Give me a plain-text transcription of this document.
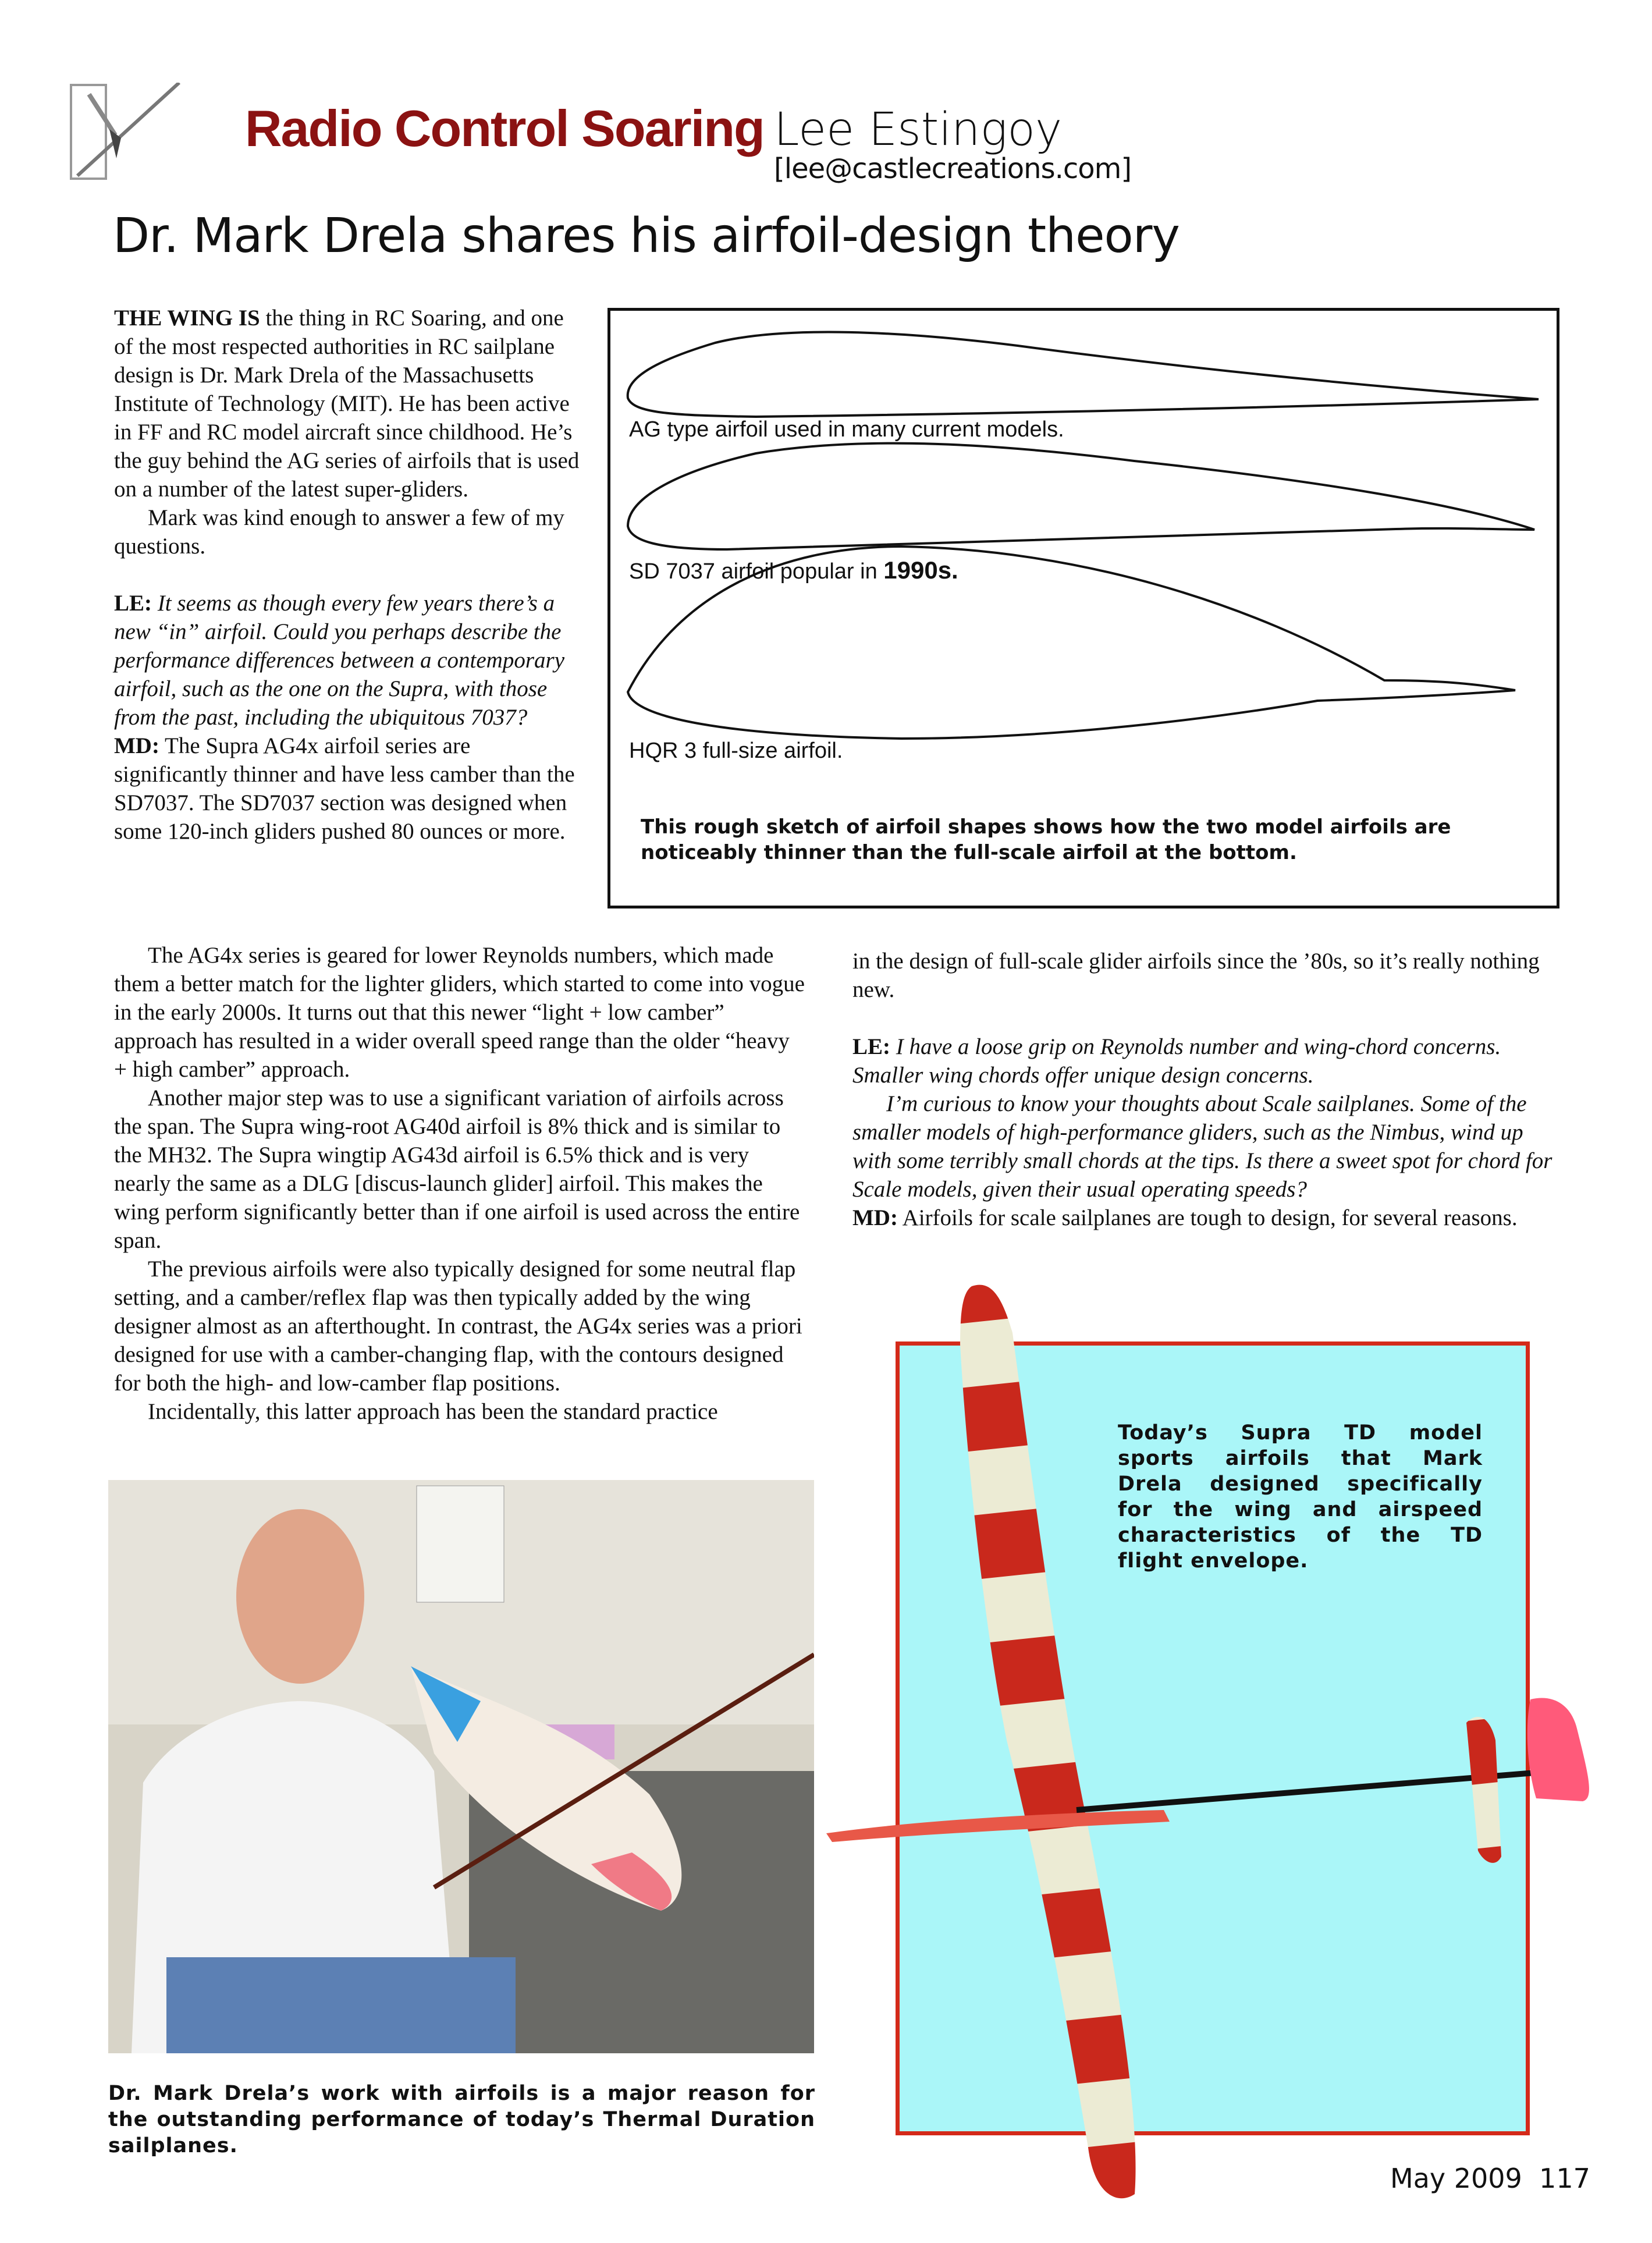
Radio Control Soaring Lee Estingoy
[lee@castlecreations.com]
Dr. Mark Drela shares his airfoil-design theory

THE WING IS the thing in RC Soaring, and one of the most respected authorities in RC sailplane design is Dr. Mark Drela of the Massachusetts Institute of Technology (MIT). He has been active in FF and RC model aircraft since childhood. He’s the guy behind the AG series of airfoils that is used on a number of the latest super-gliders.

Mark was kind enough to answer a few of my questions.

LE: It seems as though every few years there’s a new “in” airfoil. Could you perhaps describe the performance differences between a contemporary airfoil, such as the one on the Supra, with those from the past, including the ubiquitous 7037?

MD: The Supra AG4x airfoil series are significantly thinner and have less camber than the SD7037. The SD7037 section was designed when some 120-inch gliders pushed 80 ounces or more.

The AG4x series is geared for lower Reynolds numbers, which made them a better match for the lighter gliders, which started to come into vogue in the early 2000s. It turns out that this newer “light + low camber” approach has resulted in a wider overall speed range than the older “heavy + high camber” approach.

Another major step was to use a significant variation of airfoils across the span. The Supra wing-root AG40d airfoil is 8% thick and is similar to the MH32. The Supra wingtip AG43d airfoil is 6.5% thick and is very nearly the same as a DLG [discus-launch glider] airfoil. This makes the wing perform significantly better than if one airfoil is used across the entire span.

The previous airfoils were also typically designed for some neutral flap setting, and a camber/reflex flap was then typically added by the wing designer almost as an afterthought. In contrast, the AG4x series was a priori designed for use with a camber-changing flap, with the contours designed for both the high- and low-camber flap positions.

Incidentally, this latter approach has been the standard practice

in the design of full-scale glider airfoils since the ’80s, so it’s really nothing new.

LE: I have a loose grip on Reynolds number and wing-chord concerns. Smaller wing chords offer unique design concerns.

I’m curious to know your thoughts about Scale sailplanes. Some of the smaller models of high-performance gliders, such as the Nimbus, wind up with some terribly small chords at the tips. Is there a sweet spot for chord for Scale models, given their usual operating speeds?

MD: Airfoils for scale sailplanes are tough to design, for several reasons.

AG type airfoil used in many current models.
SD 7037 airfoil popular in 1990s.
HQR 3 full-size airfoil.
This rough sketch of airfoil shapes shows how the two model airfoils are noticeably thinner than the full-scale airfoil at the bottom.
Dr. Mark Drela’s work with airfoils is a major reason for the outstanding performance of today’s Thermal Duration sailplanes.
Today’s Supra TD model sports airfoils that Mark Drela designed specifically for the wing and airspeed characteristics of the TD flight envelope.
May 2009 117
